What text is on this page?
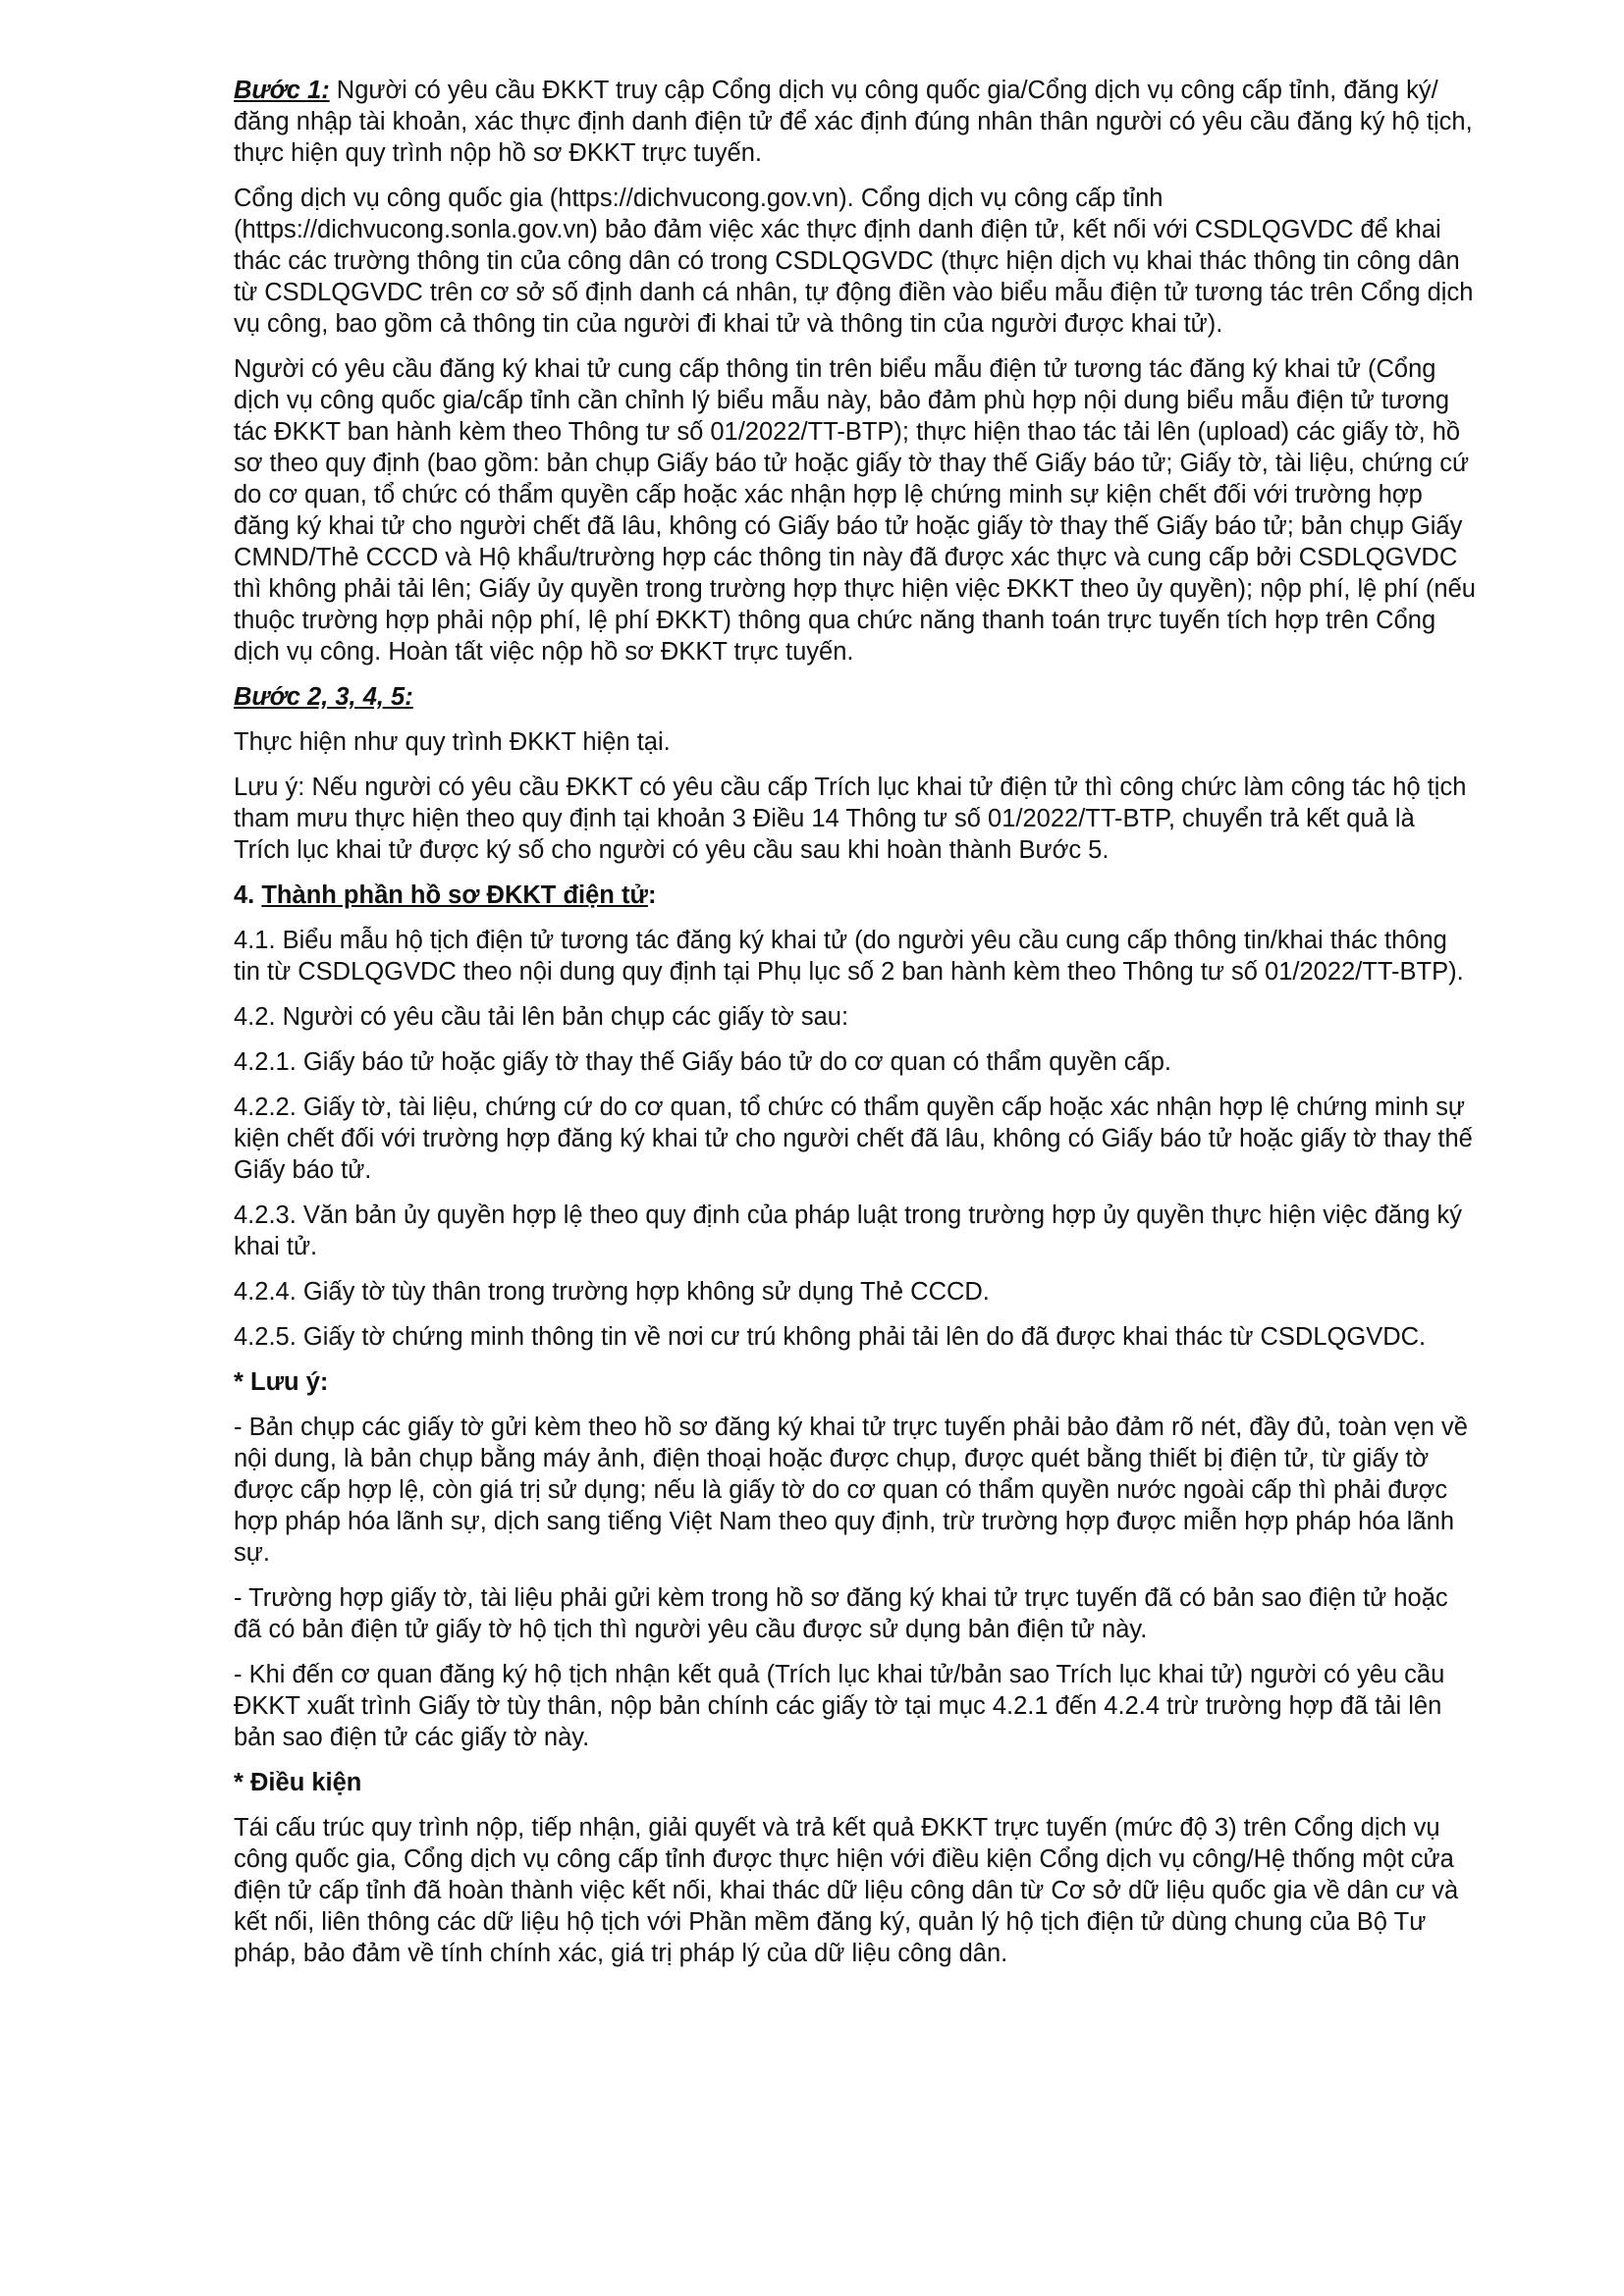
Bước 1: Người có yêu cầu ĐKKT truy cập Cổng dịch vụ công quốc gia/Cổng dịch vụ công cấp tỉnh, đăng ký/đăng nhập tài khoản, xác thực định danh điện tử để xác định đúng nhân thân người có yêu cầu đăng ký hộ tịch, thực hiện quy trình nộp hồ sơ ĐKKT trực tuyến.

Cổng dịch vụ công quốc gia (https://dichvucong.gov.vn). Cổng dịch vụ công cấp tỉnh (https://dichvucong.sonla.gov.vn) bảo đảm việc xác thực định danh điện tử, kết nối với CSDLQGVDC để khai thác các trường thông tin của công dân có trong CSDLQGVDC (thực hiện dịch vụ khai thác thông tin công dân từ CSDLQGVDC trên cơ sở số định danh cá nhân, tự động điền vào biểu mẫu điện tử tương tác trên Cổng dịch vụ công, bao gồm cả thông tin của người đi khai tử và thông tin của người được khai tử).

Người có yêu cầu đăng ký khai tử cung cấp thông tin trên biểu mẫu điện tử tương tác đăng ký khai tử (Cổng dịch vụ công quốc gia/cấp tỉnh cần chỉnh lý biểu mẫu này, bảo đảm phù hợp nội dung biểu mẫu điện tử tương tác ĐKKT ban hành kèm theo Thông tư số 01/2022/TT-BTP); thực hiện thao tác tải lên (upload) các giấy tờ, hồ sơ theo quy định (bao gồm: bản chụp Giấy báo tử hoặc giấy tờ thay thế Giấy báo tử; Giấy tờ, tài liệu, chứng cứ do cơ quan, tổ chức có thẩm quyền cấp hoặc xác nhận hợp lệ chứng minh sự kiện chết đối với trường hợp đăng ký khai tử cho người chết đã lâu, không có Giấy báo tử hoặc giấy tờ thay thế Giấy báo tử; bản chụp Giấy CMND/Thẻ CCCD và Hộ khẩu/trường hợp các thông tin này đã được xác thực và cung cấp bởi CSDLQGVDC thì không phải tải lên; Giấy ủy quyền trong trường hợp thực hiện việc ĐKKT theo ủy quyền); nộp phí, lệ phí (nếu thuộc trường hợp phải nộp phí, lệ phí ĐKKT) thông qua chức năng thanh toán trực tuyến tích hợp trên Cổng dịch vụ công. Hoàn tất việc nộp hồ sơ ĐKKT trực tuyến.

Bước 2, 3, 4, 5:

Thực hiện như quy trình ĐKKT hiện tại.

Lưu ý: Nếu người có yêu cầu ĐKKT có yêu cầu cấp Trích lục khai tử điện tử thì công chức làm công tác hộ tịch tham mưu thực hiện theo quy định tại khoản 3 Điều 14 Thông tư số 01/2022/TT-BTP, chuyển trả kết quả là Trích lục khai tử được ký số cho người có yêu cầu sau khi hoàn thành Bước 5.

4. Thành phần hồ sơ ĐKKT điện tử:

4.1. Biểu mẫu hộ tịch điện tử tương tác đăng ký khai tử (do người yêu cầu cung cấp thông tin/khai thác thông tin từ CSDLQGVDC theo nội dung quy định tại Phụ lục số 2 ban hành kèm theo Thông tư số 01/2022/TT-BTP).

4.2. Người có yêu cầu tải lên bản chụp các giấy tờ sau:

4.2.1. Giấy báo tử hoặc giấy tờ thay thế Giấy báo tử do cơ quan có thẩm quyền cấp.

4.2.2. Giấy tờ, tài liệu, chứng cứ do cơ quan, tổ chức có thẩm quyền cấp hoặc xác nhận hợp lệ chứng minh sự kiện chết đối với trường hợp đăng ký khai tử cho người chết đã lâu, không có Giấy báo tử hoặc giấy tờ thay thế Giấy báo tử.

4.2.3. Văn bản ủy quyền hợp lệ theo quy định của pháp luật trong trường hợp ủy quyền thực hiện việc đăng ký khai tử.

4.2.4. Giấy tờ tùy thân trong trường hợp không sử dụng Thẻ CCCD.

4.2.5. Giấy tờ chứng minh thông tin về nơi cư trú không phải tải lên do đã được khai thác từ CSDLQGVDC.

* Lưu ý:

- Bản chụp các giấy tờ gửi kèm theo hồ sơ đăng ký khai tử trực tuyến phải bảo đảm rõ nét, đầy đủ, toàn vẹn về nội dung, là bản chụp bằng máy ảnh, điện thoại hoặc được chụp, được quét bằng thiết bị điện tử, từ giấy tờ được cấp hợp lệ, còn giá trị sử dụng; nếu là giấy tờ do cơ quan có thẩm quyền nước ngoài cấp thì phải được hợp pháp hóa lãnh sự, dịch sang tiếng Việt Nam theo quy định, trừ trường hợp được miễn hợp pháp hóa lãnh sự.

- Trường hợp giấy tờ, tài liệu phải gửi kèm trong hồ sơ đăng ký khai tử trực tuyến đã có bản sao điện tử hoặc đã có bản điện tử giấy tờ hộ tịch thì người yêu cầu được sử dụng bản điện tử này.

- Khi đến cơ quan đăng ký hộ tịch nhận kết quả (Trích lục khai tử/bản sao Trích lục khai tử) người có yêu cầu ĐKKT xuất trình Giấy tờ tùy thân, nộp bản chính các giấy tờ tại mục 4.2.1 đến 4.2.4 trừ trường hợp đã tải lên bản sao điện tử các giấy tờ này.

* Điều kiện

Tái cấu trúc quy trình nộp, tiếp nhận, giải quyết và trả kết quả ĐKKT trực tuyến (mức độ 3) trên Cổng dịch vụ công quốc gia, Cổng dịch vụ công cấp tỉnh được thực hiện với điều kiện Cổng dịch vụ công/Hệ thống một cửa điện tử cấp tỉnh đã hoàn thành việc kết nối, khai thác dữ liệu công dân từ Cơ sở dữ liệu quốc gia về dân cư và kết nối, liên thông các dữ liệu hộ tịch với Phần mềm đăng ký, quản lý hộ tịch điện tử dùng chung của Bộ Tư pháp, bảo đảm về tính chính xác, giá trị pháp lý của dữ liệu công dân.
